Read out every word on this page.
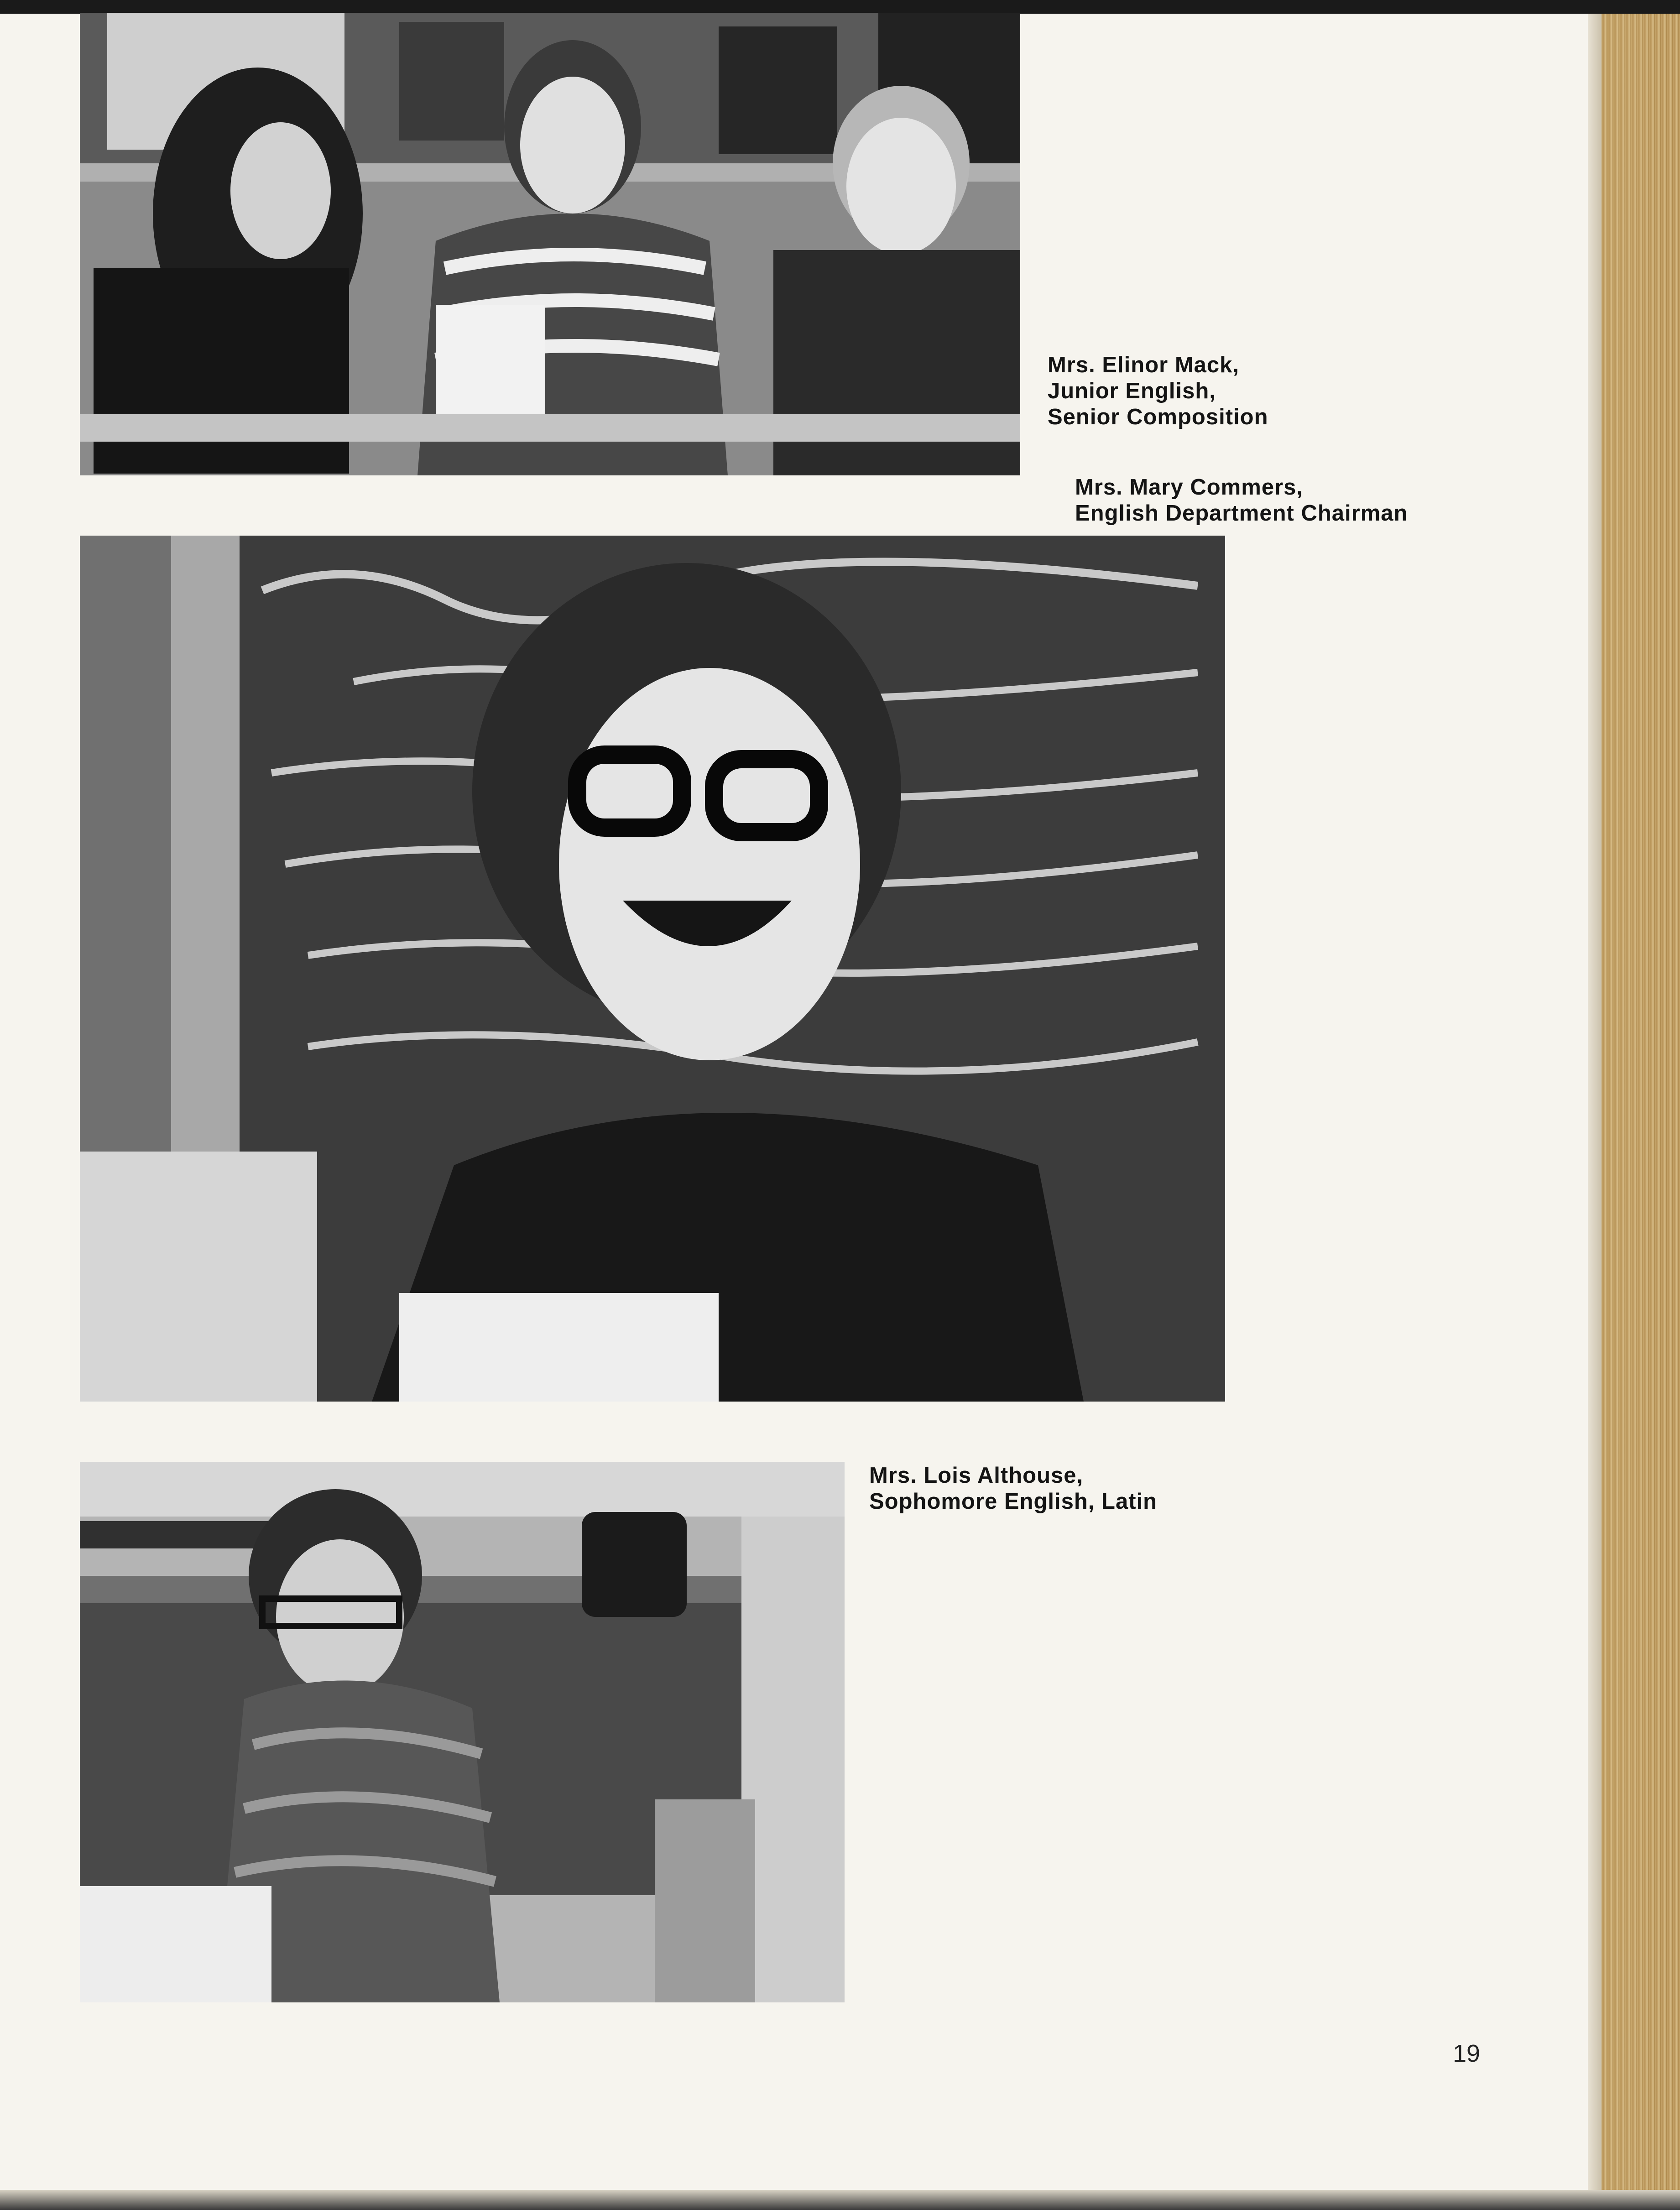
Mrs. Elinor Mack,
Junior English,
Senior Composition
Mrs. Mary Commers,
English Department Chairman
Mrs. Lois Althouse,
Sophomore English, Latin
19
